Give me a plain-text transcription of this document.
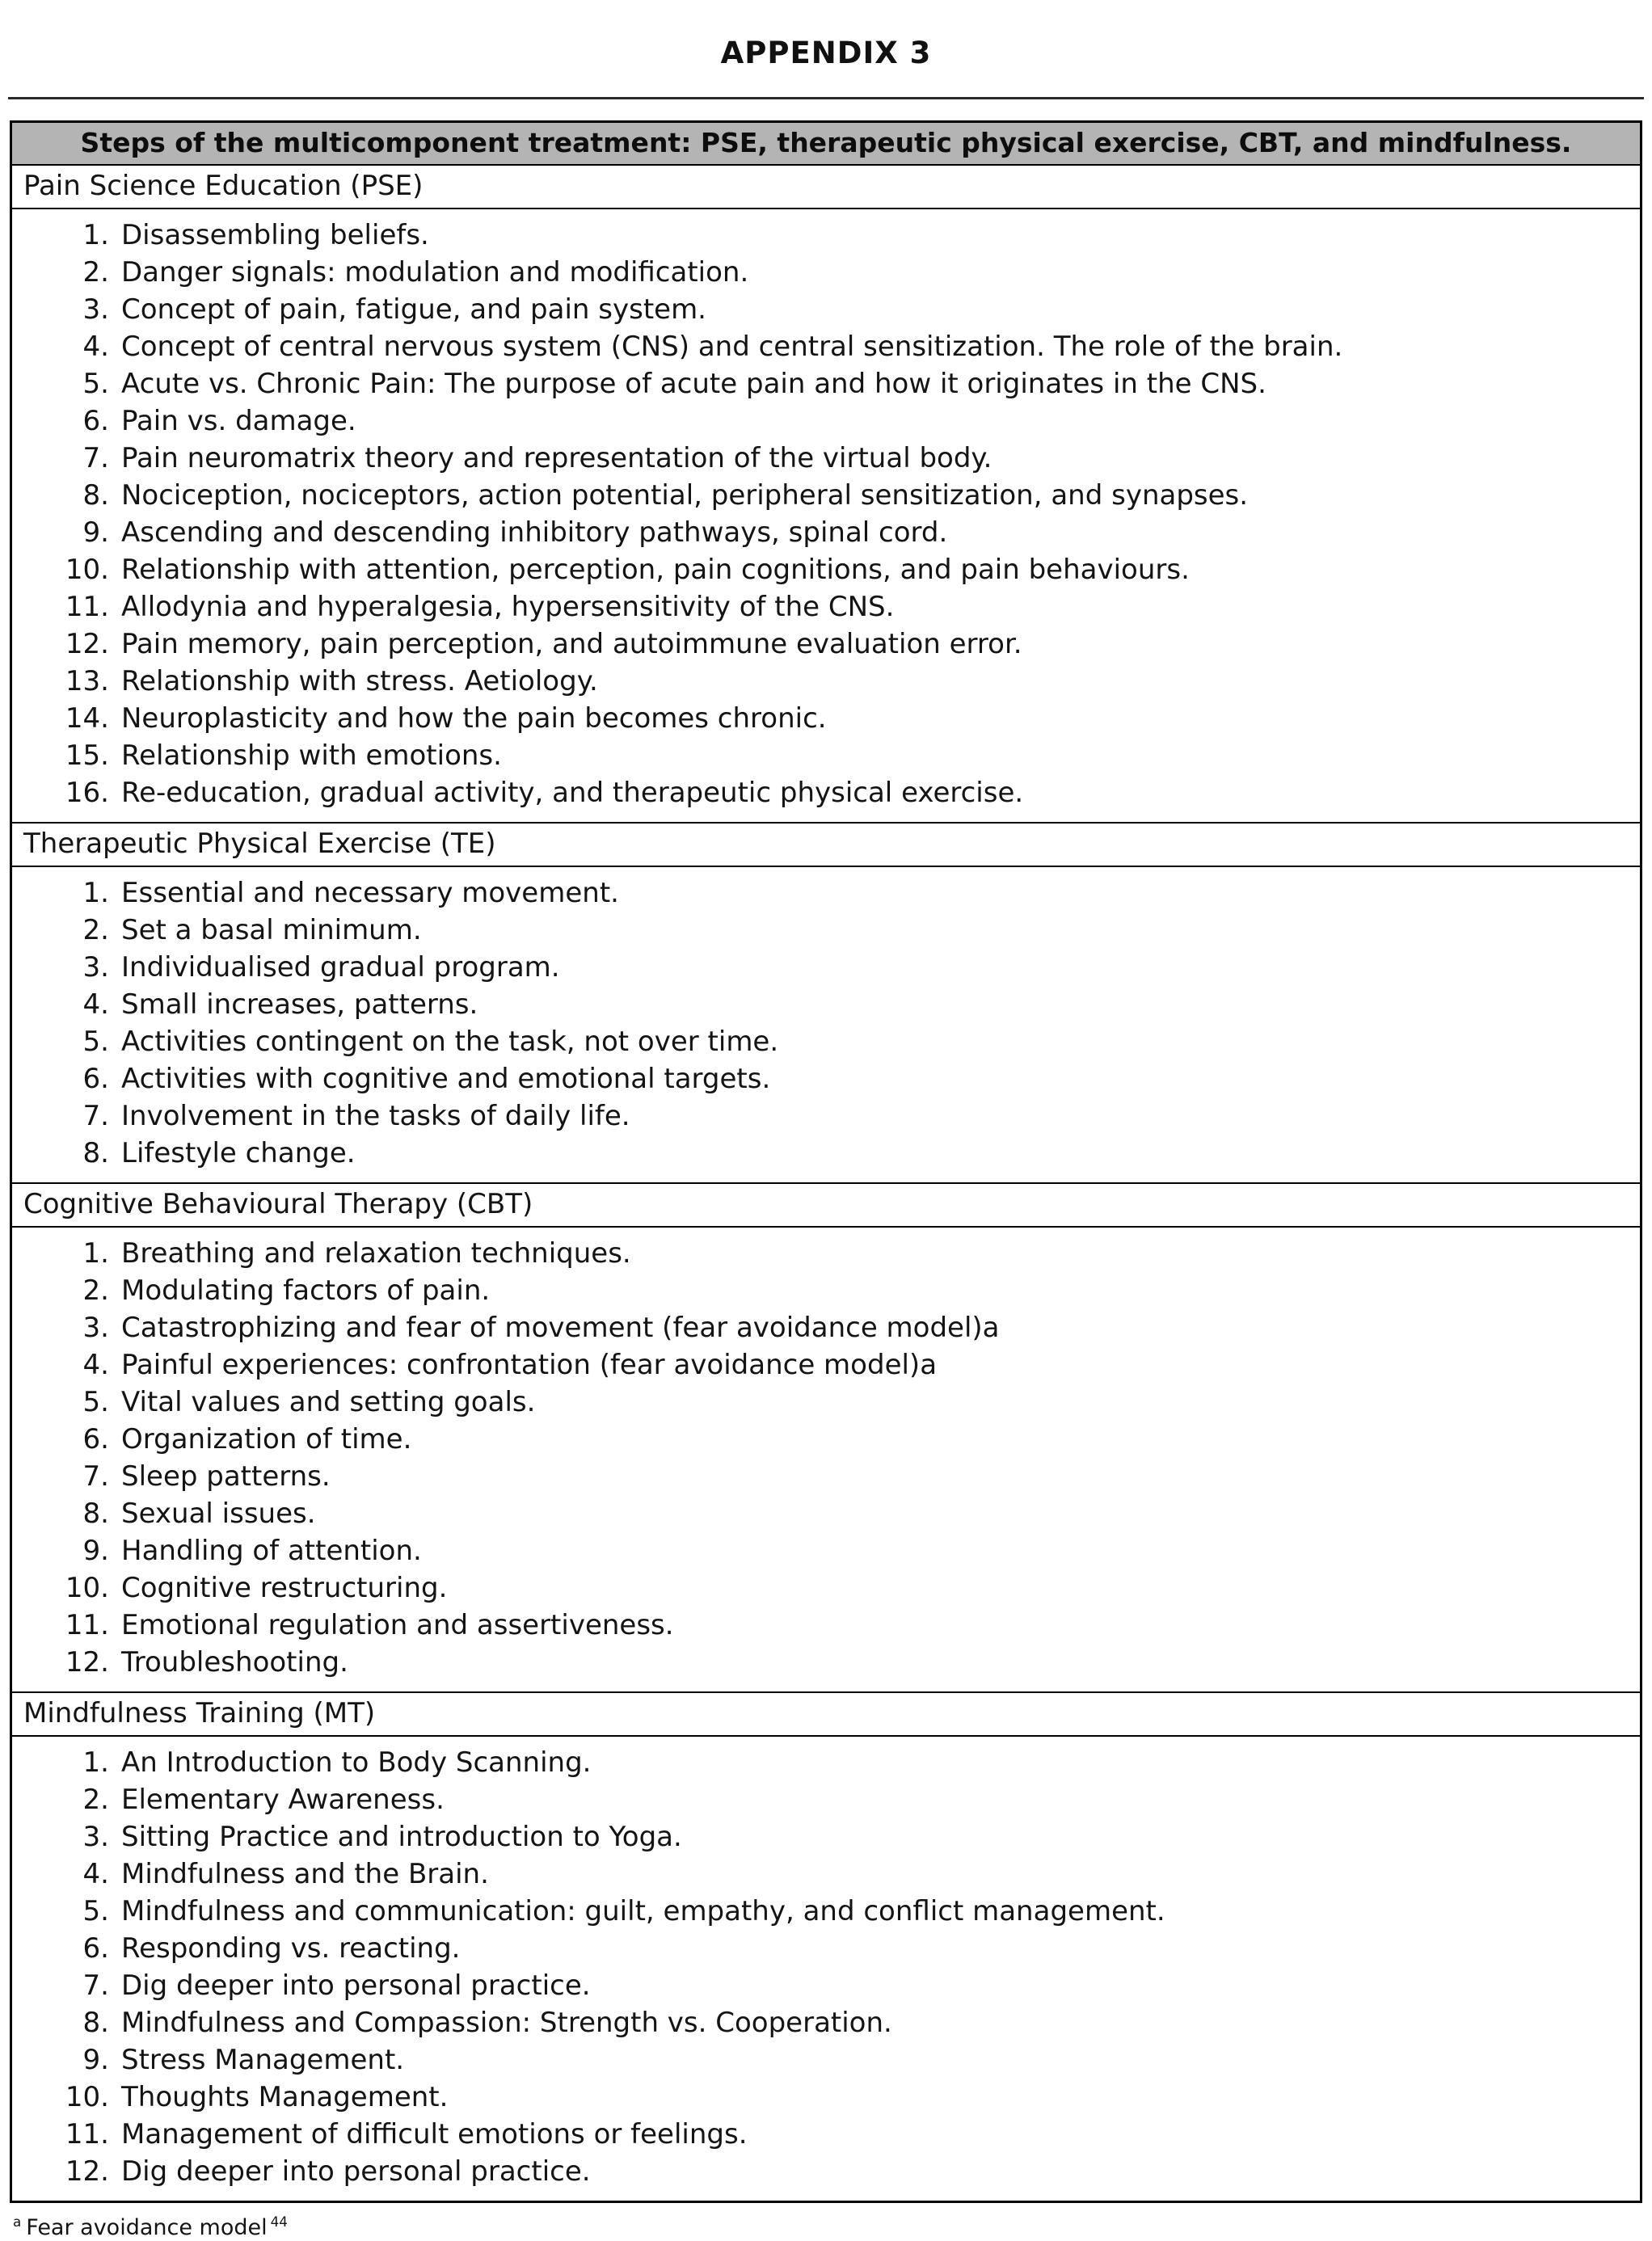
APPENDIX 3
Steps of the multicomponent treatment: PSE, therapeutic physical exercise, CBT, and mindfulness.
Pain Science Education (PSE)
1. Disassembling beliefs.
2. Danger signals: modulation and modification.
3. Concept of pain, fatigue, and pain system.
4. Concept of central nervous system (CNS) and central sensitization. The role of the brain.
5. Acute vs. Chronic Pain: The purpose of acute pain and how it originates in the CNS.
6. Pain vs. damage.
7. Pain neuromatrix theory and representation of the virtual body.
8. Nociception, nociceptors, action potential, peripheral sensitization, and synapses.
9. Ascending and descending inhibitory pathways, spinal cord.
10. Relationship with attention, perception, pain cognitions, and pain behaviours.
11. Allodynia and hyperalgesia, hypersensitivity of the CNS.
12. Pain memory, pain perception, and autoimmune evaluation error.
13. Relationship with stress. Aetiology.
14. Neuroplasticity and how the pain becomes chronic.
15. Relationship with emotions.
16. Re-education, gradual activity, and therapeutic physical exercise.
Therapeutic Physical Exercise (TE)
1. Essential and necessary movement.
2. Set a basal minimum.
3. Individualised gradual program.
4. Small increases, patterns.
5. Activities contingent on the task, not over time.
6. Activities with cognitive and emotional targets.
7. Involvement in the tasks of daily life.
8. Lifestyle change.
Cognitive Behavioural Therapy (CBT)
1. Breathing and relaxation techniques.
2. Modulating factors of pain.
3. Catastrophizing and fear of movement (fear avoidance model)a
4. Painful experiences: confrontation (fear avoidance model)a
5. Vital values and setting goals.
6. Organization of time.
7. Sleep patterns.
8. Sexual issues.
9. Handling of attention.
10. Cognitive restructuring.
11. Emotional regulation and assertiveness.
12. Troubleshooting.
Mindfulness Training (MT)
1. An Introduction to Body Scanning.
2. Elementary Awareness.
3. Sitting Practice and introduction to Yoga.
4. Mindfulness and the Brain.
5. Mindfulness and communication: guilt, empathy, and conflict management.
6. Responding vs. reacting.
7. Dig deeper into personal practice.
8. Mindfulness and Compassion: Strength vs. Cooperation.
9. Stress Management.
10. Thoughts Management.
11. Management of difficult emotions or feelings.
12. Dig deeper into personal practice.
$^a$ Fear avoidance model $^{44}$
